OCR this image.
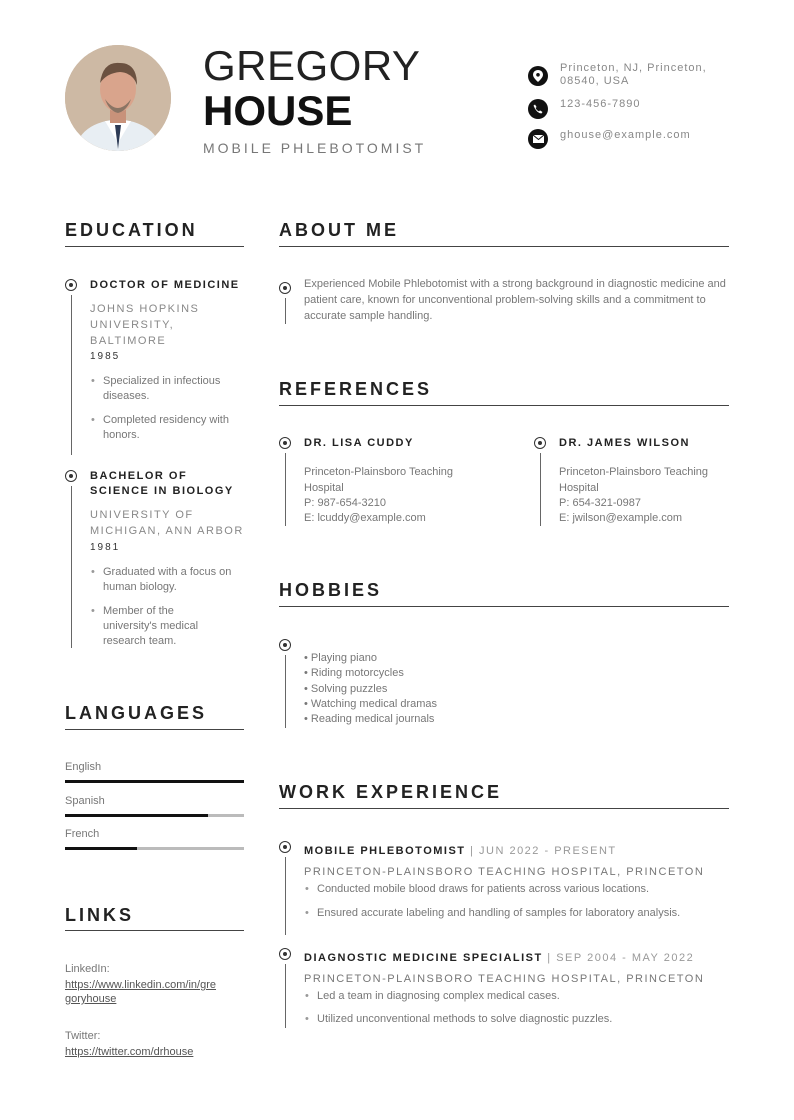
GREGORY
HOUSE
MOBILE PHLEBOTOMIST
Princeton, NJ, Princeton, 08540, USA
123-456-7890
ghouse@example.com
EDUCATION
DOCTOR OF MEDICINE
JOHNS HOPKINS UNIVERSITY, BALTIMORE
1985
• Specialized in infectious diseases.
• Completed residency with honors.
BACHELOR OF SCIENCE IN BIOLOGY
UNIVERSITY OF MICHIGAN, ANN ARBOR
1981
• Graduated with a focus on human biology.
• Member of the university's medical research team.
LANGUAGES
English
Spanish
French
LINKS
LinkedIn:
https://www.linkedin.com/in/gre
goryhouse
Twitter:
https://twitter.com/drhouse
ABOUT ME
Experienced Mobile Phlebotomist with a strong background in diagnostic medicine and patient care, known for unconventional problem-solving skills and a commitment to accurate sample handling.
REFERENCES
DR. LISA CUDDY
Princeton-Plainsboro Teaching Hospital
P: 987-654-3210
E: lcuddy@example.com
DR. JAMES WILSON
Princeton-Plainsboro Teaching Hospital
P: 654-321-0987
E: jwilson@example.com
HOBBIES
• Playing piano
• Riding motorcycles
• Solving puzzles
• Watching medical dramas
• Reading medical journals
WORK EXPERIENCE
MOBILE PHLEBOTOMIST | JUN 2022 - PRESENT
PRINCETON-PLAINSBORO TEACHING HOSPITAL, PRINCETON
• Conducted mobile blood draws for patients across various locations.
• Ensured accurate labeling and handling of samples for laboratory analysis.
DIAGNOSTIC MEDICINE SPECIALIST | SEP 2004 - MAY 2022
PRINCETON-PLAINSBORO TEACHING HOSPITAL, PRINCETON
• Led a team in diagnosing complex medical cases.
• Utilized unconventional methods to solve diagnostic puzzles.
